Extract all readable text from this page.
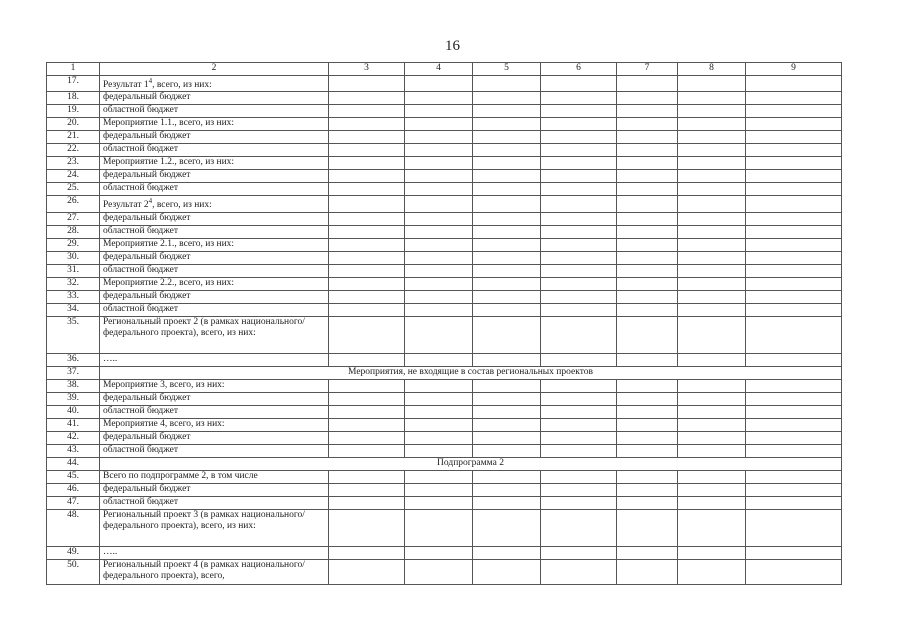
16
1	2	3	4	5	6	7	8	9
17.	Результат $1^4$, всего, из них:							
18.	федеральный бюджет							
19.	областной бюджет							
20.	Мероприятие 1.1., всего, из них:							
21.	федеральный бюджет							
22.	областной бюджет							
23.	Мероприятие 1.2., всего, из них:							
24.	федеральный бюджет							
25.	областной бюджет							
26.	Результат $2^4$, всего, из них:							
27.	федеральный бюджет							
28.	областной бюджет							
29.	Мероприятие 2.1., всего, из них:							
30.	федеральный бюджет							
31.	областной бюджет							
32.	Мероприятие 2.2., всего, из них:							
33.	федеральный бюджет							
34.	областной бюджет							
35.	Региональный проект 2 (в рамках национального/федерального проекта), всего, из них:							
36.	…..							
37.	Мероприятия, не входящие в состав региональных проектов							
38.	Мероприятие 3, всего, из них:							
39.	федеральный бюджет							
40.	областной бюджет							
41.	Мероприятие 4, всего, из них:							
42.	федеральный бюджет							
43.	областной бюджет							
44.	Подпрограмма 2							
45.	Всего по подпрограмме 2, в том числе							
46.	федеральный бюджет							
47.	областной бюджет							
48.	Региональный проект 3 (в рамках национального/федерального проекта), всего, из них:							
49.	…..							
50.	Региональный проект 4 (в рамках национального/федерального проекта), всего,							
